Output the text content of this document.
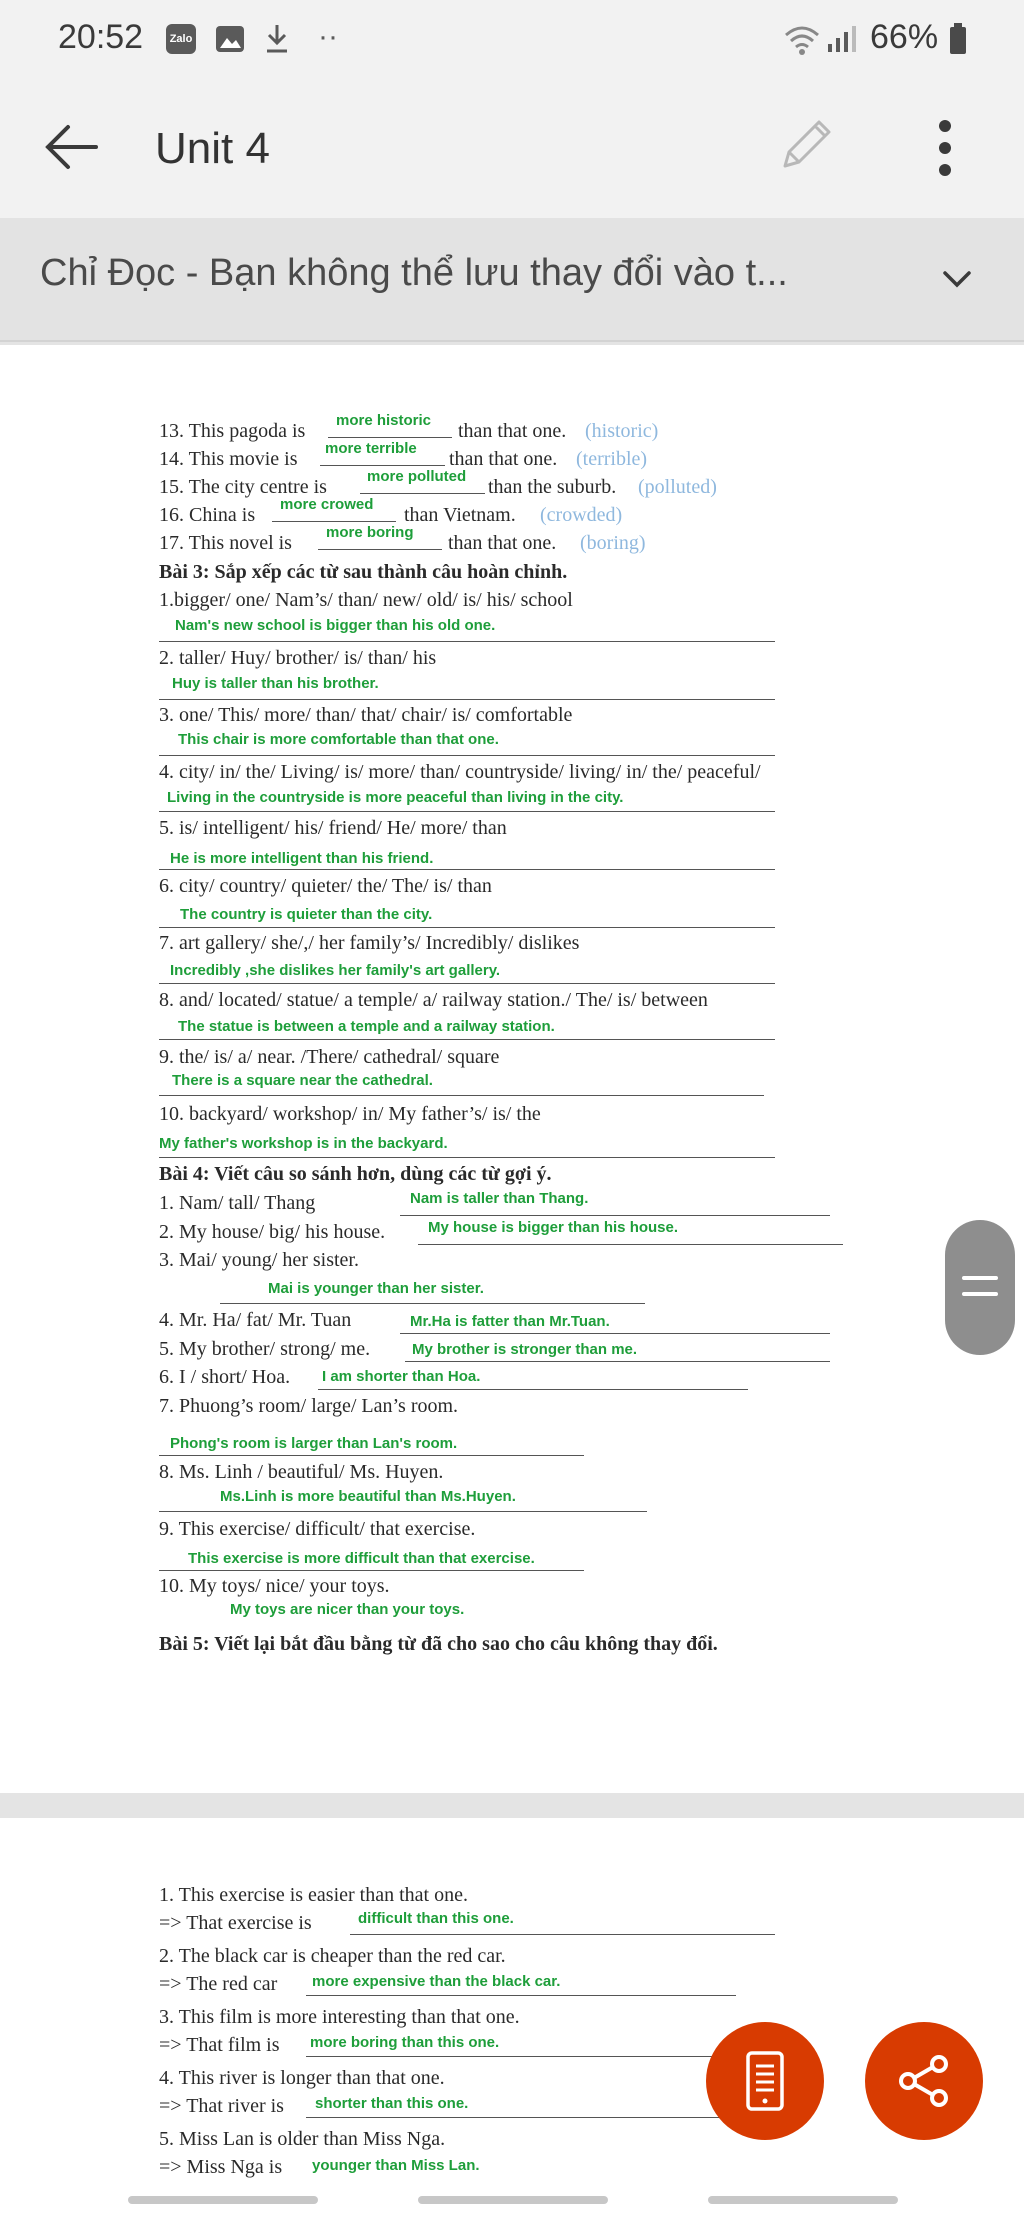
20:52	Zalo	··	66%
Unit 4
Chỉ Đọc - Bạn không thể lưu thay đổi vào t...
13. This pagoda is more historic than that one. (historic)
14. This movie is more terrible than that one. (terrible)
15. The city centre is	more polluted than the suburb. (polluted)
16. China is more crowed than Vietnam. (crowded)
17. This novel is more boring than that one. (boring)
Bài 3: Sắp xếp các từ sau thành câu hoàn chỉnh.
1.bigger/ one/ Nam’s/ than/ new/ old/ is/ his/ school
Nam's new school is bigger than his old one.
2. taller/ Huy/ brother/ is/ than/ his
Huy is taller than his brother.
3. one/ This/ more/ than/ that/ chair/ is/ comfortable
This chair is more comfortable than that one.
4. city/ in/ the/ Living/ is/ more/ than/ countryside/ living/ in/ the/ peaceful/
Living in the countryside is more peaceful than living in the city.
5. is/ intelligent/ his/ friend/ He/ more/ than
He is more intelligent than his friend.
6. city/ country/ quieter/ the/ The/ is/ than
The country is quieter than the city.
7. art gallery/ she/,/ her family’s/ Incredibly/ dislikes
Incredibly ,she dislikes her family's art gallery.
8. and/ located/ statue/ a temple/ a/ railway station./ The/ is/ between
The statue is between a temple and a railway station.
9. the/ is/ a/ near. /There/ cathedral/ square
There is a square near the cathedral.
10. backyard/ workshop/ in/ My father’s/ is/ the
My father's workshop is in the backyard.
Bài 4: Viết câu so sánh hơn, dùng các từ gợi ý.
1. Nam/ tall/ Thang	Nam is taller than Thang.
2. My house/ big/ his house.	My house is bigger than his house.
3. Mai/ young/ her sister.
Mai is younger than her sister.
4. Mr. Ha/ fat/ Mr. Tuan	Mr.Ha is fatter than Mr.Tuan.
5. My brother/ strong/ me.	My brother is stronger than me.
6. I / short/ Hoa. I am shorter than Hoa.
7. Phuong’s room/ large/ Lan’s room.
Phong's room is larger than Lan's room.
8. Ms. Linh / beautiful/ Ms. Huyen.
Ms.Linh is more beautiful than Ms.Huyen.
9. This exercise/ difficult/ that exercise.
This exercise is more difficult than that exercise.
10. My toys/ nice/ your toys.
My toys are nicer than your toys.
Bài 5: Viết lại bắt đầu bằng từ đã cho sao cho câu không thay đổi.
1. This exercise is easier than that one.
=> That exercise is	difficult than this one.
2. The black car is cheaper than the red car.
=> The red car more expensive than the black car.
3. This film is more interesting than that one.
=> That film is more boring than this one.
4. This river is longer than that one.
=> That river is shorter than this one.
5. Miss Lan is older than Miss Nga.
=> Miss Nga is younger than Miss Lan.
